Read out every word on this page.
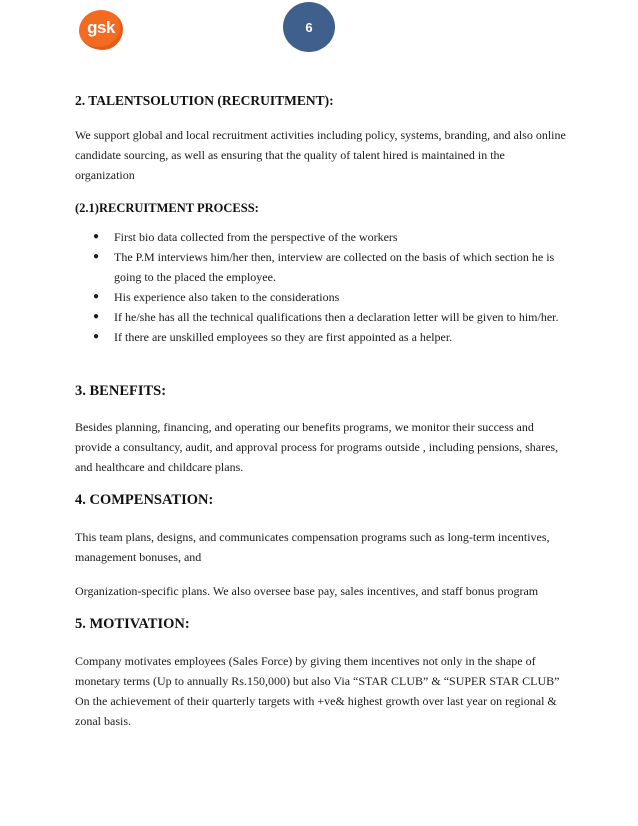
gsk	6
2. TALENTSOLUTION (RECRUITMENT):

We support global and local recruitment activities including policy, systems, branding, and also online candidate sourcing, as well as ensuring that the quality of talent hired is maintained in the organization

(2.1)RECRUITMENT PROCESS:
● First bio data collected from the perspective of the workers
● The P.M interviews him/her then, interview are collected on the basis of which section he is going to the placed the employee.
● His experience also taken to the considerations
● If he/she has all the technical qualifications then a declaration letter will be given to him/her.
● If there are unskilled employees so they are first appointed as a helper.
3. BENEFITS:

Besides planning, financing, and operating our benefits programs, we monitor their success and provide a consultancy, audit, and approval process for programs outside , including pensions, shares, and healthcare and childcare plans.

4. COMPENSATION:

This team plans, designs, and communicates compensation programs such as long-term incentives, management bonuses, and

Organization-specific plans. We also oversee base pay, sales incentives, and staff bonus program

5. MOTIVATION:

Company motivates employees (Sales Force) by giving them incentives not only in the shape of monetary terms (Up to annually Rs.150,000) but also Via “STAR CLUB” & “SUPER STAR CLUB” On the achievement of their quarterly targets with +ve& highest growth over last year on regional & zonal basis.
